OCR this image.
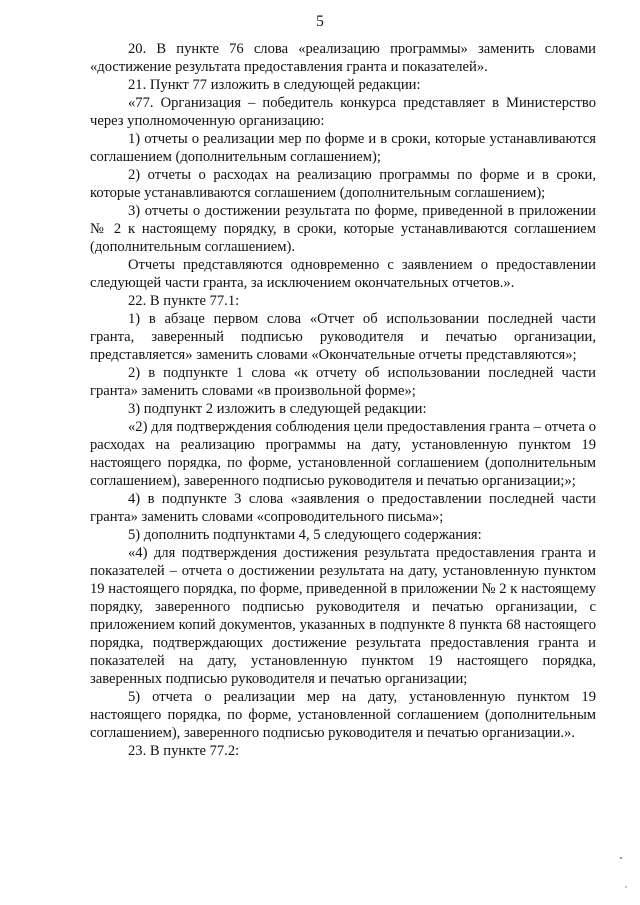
5

20. В пункте 76 слова «реализацию программы» заменить словами «достижение результата предоставления гранта и показателей».

21. Пункт 77 изложить в следующей редакции:

«77. Организация – победитель конкурса представляет в Министерство через уполномоченную организацию:

1) отчеты о реализации мер по форме и в сроки, которые устанавливаются соглашением (дополнительным соглашением);

2) отчеты о расходах на реализацию программы по форме и в сроки, которые устанавливаются соглашением (дополнительным соглашением);

3) отчеты о достижении результата по форме, приведенной в приложении № 2 к настоящему порядку, в сроки, которые устанавливаются соглашением (дополнительным соглашением).

Отчеты представляются одновременно с заявлением о предоставлении следующей части гранта, за исключением окончательных отчетов.».

22. В пункте 77.1:

1) в абзаце первом слова «Отчет об использовании последней части гранта, заверенный подписью руководителя и печатью организации, представляется» заменить словами «Окончательные отчеты представляются»;

2) в подпункте 1 слова «к отчету об использовании последней части гранта» заменить словами «в произвольной форме»;

3) подпункт 2 изложить в следующей редакции:

«2) для подтверждения соблюдения цели предоставления гранта – отчета о расходах на реализацию программы на дату, установленную пунктом 19 настоящего порядка, по форме, установленной соглашением (дополнительным соглашением), заверенного подписью руководителя и печатью организации;»;

4) в подпункте 3 слова «заявления о предоставлении последней части гранта» заменить словами «сопроводительного письма»;

5) дополнить подпунктами 4, 5 следующего содержания:

«4) для подтверждения достижения результата предоставления гранта и показателей – отчета о достижении результата на дату, установленную пунктом 19 настоящего порядка, по форме, приведенной в приложении № 2 к настоящему порядку, заверенного подписью руководителя и печатью организации, с приложением копий документов, указанных в подпункте 8 пункта 68 настоящего порядка, подтверждающих достижение результата предоставления гранта и показателей на дату, установленную пунктом 19 настоящего порядка, заверенных подписью руководителя и печатью организации;

5) отчета о реализации мер на дату, установленную пунктом 19 настоящего порядка, по форме, установленной соглашением (дополнительным соглашением), заверенного подписью руководителя и печатью организации.».

23. В пункте 77.2:
